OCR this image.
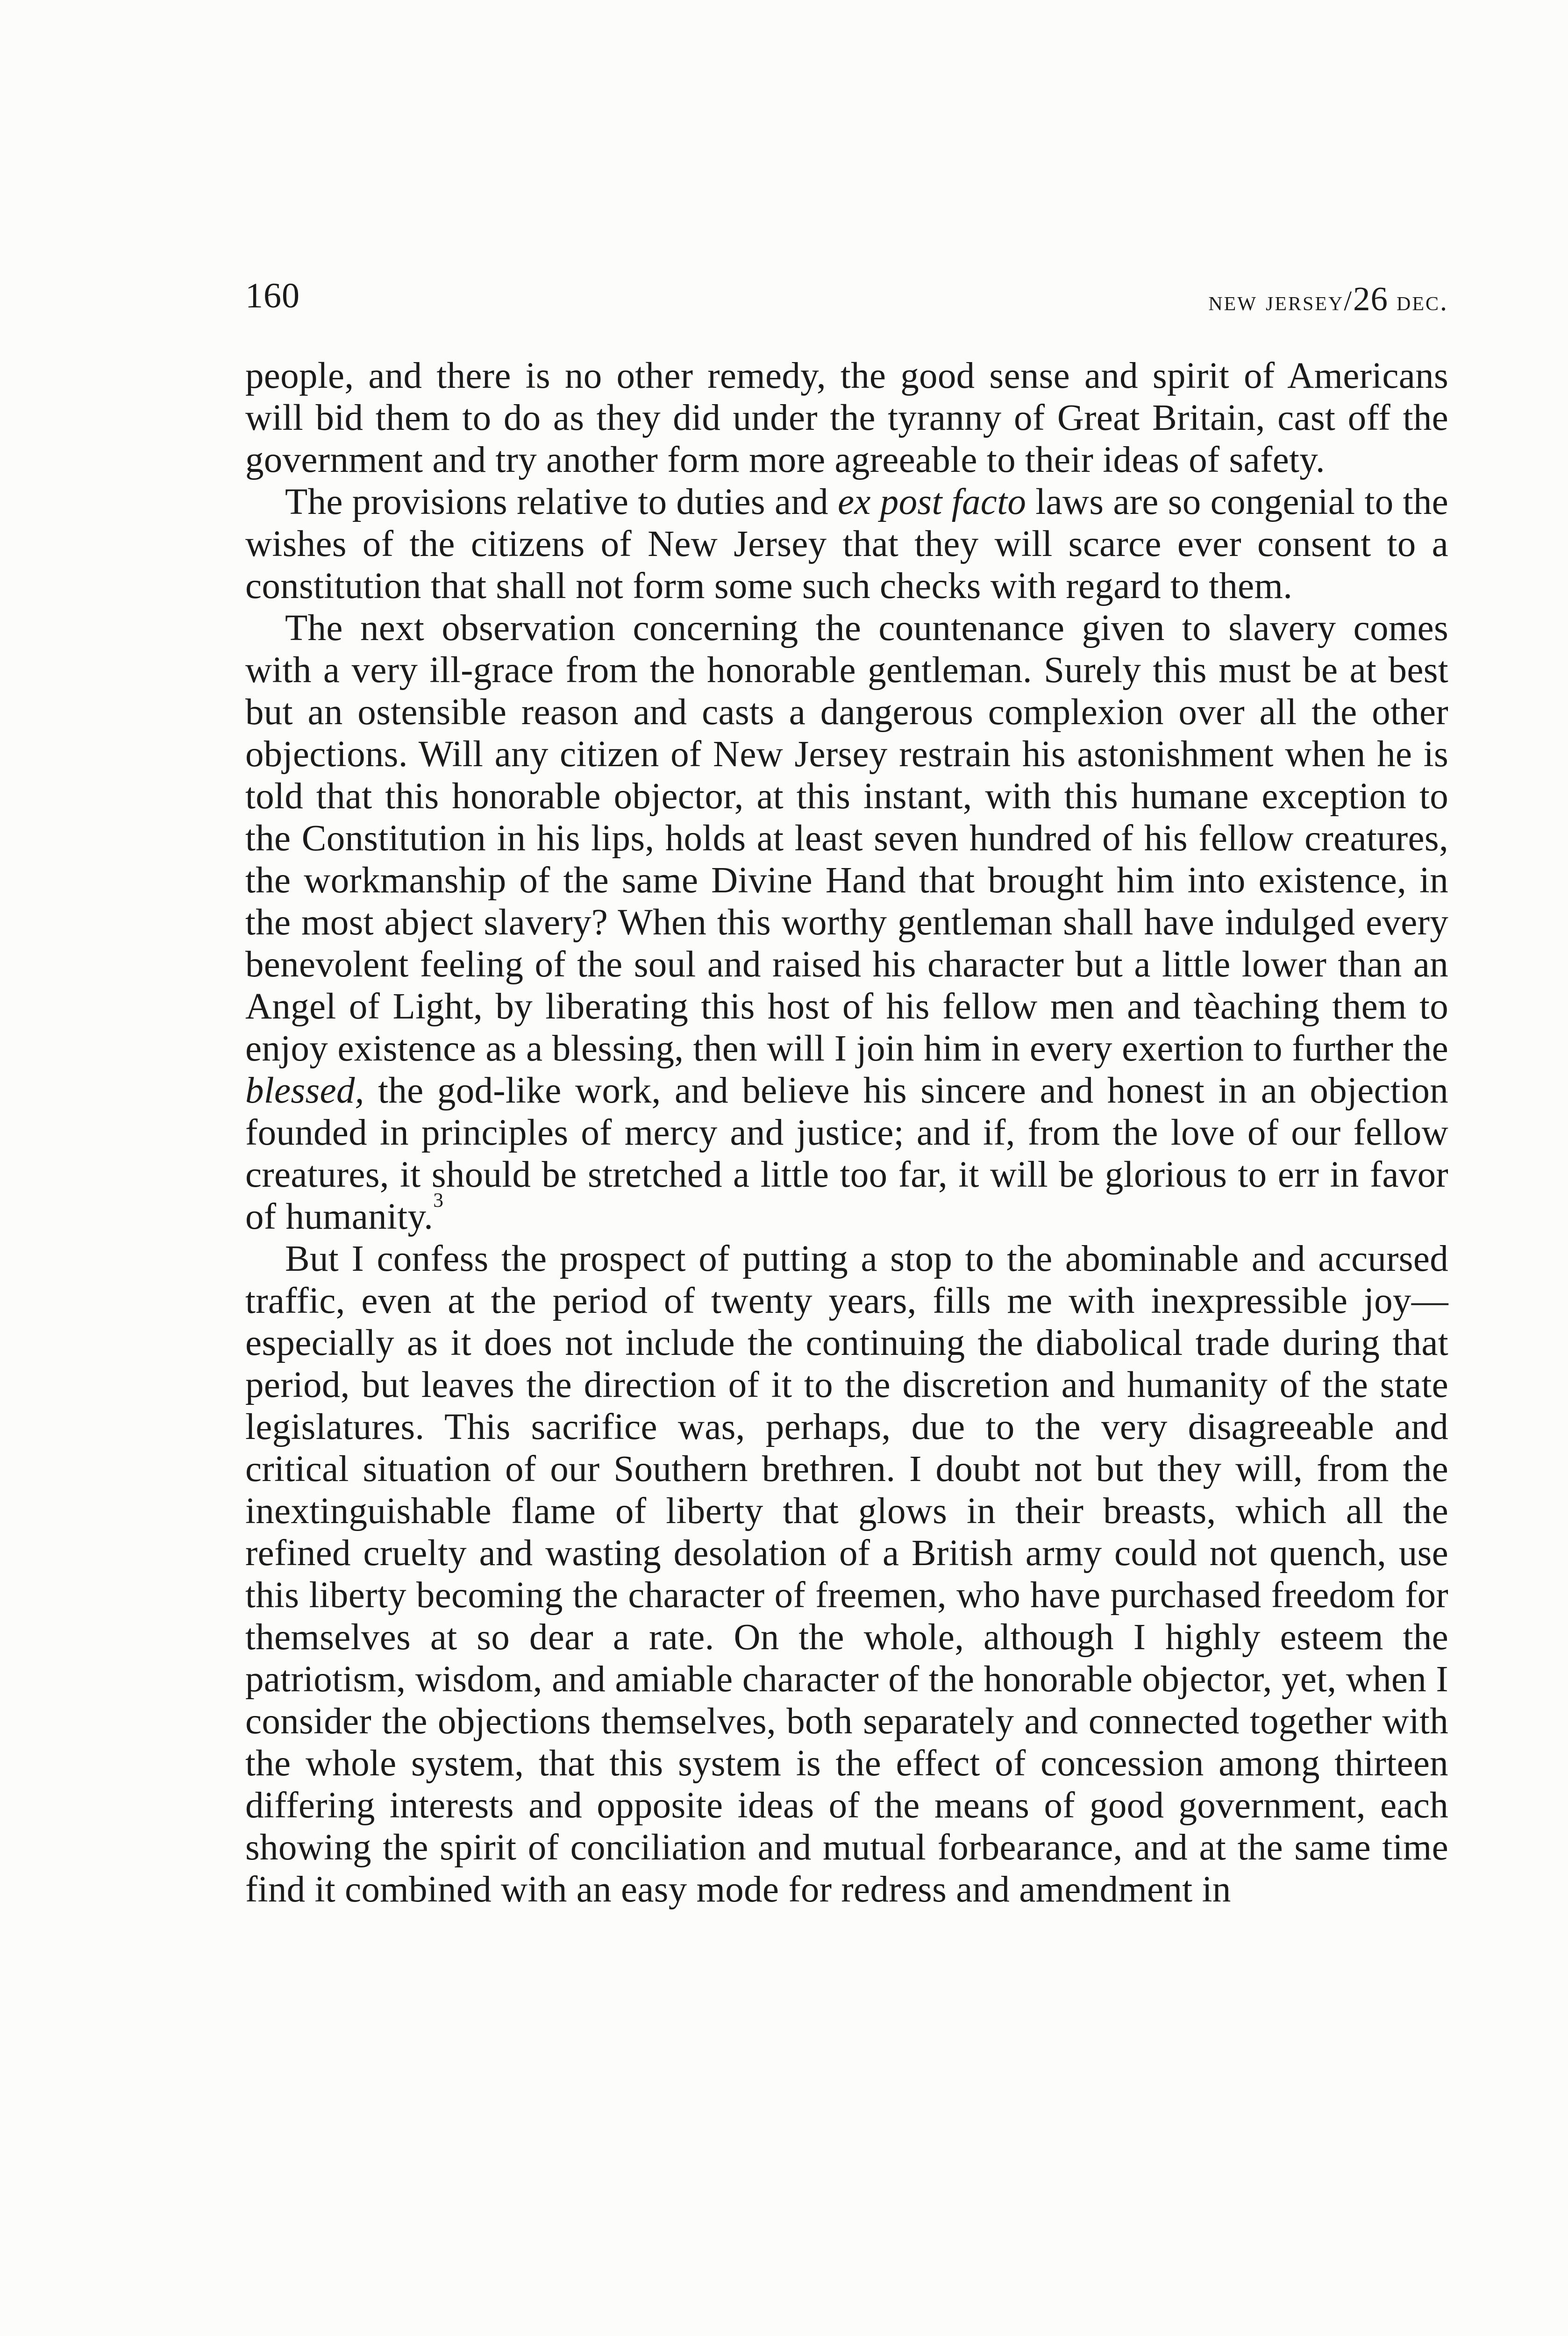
160	new jersey/26 dec.

people, and there is no other remedy, the good sense and spirit of Americans will bid them to do as they did under the tyranny of Great Britain, cast off the government and try another form more agreeable to their ideas of safety.

The provisions relative to duties and ex post facto laws are so congenial to the wishes of the citizens of New Jersey that they will scarce ever consent to a constitution that shall not form some such checks with regard to them.

The next observation concerning the countenance given to slavery comes with a very ill-grace from the honorable gentleman. Surely this must be at best but an ostensible reason and casts a dangerous complexion over all the other objections. Will any citizen of New Jersey restrain his astonishment when he is told that this honorable objector, at this instant, with this humane exception to the Constitution in his lips, holds at least seven hundred of his fellow creatures, the workmanship of the same Divine Hand that brought him into existence, in the most abject slavery? When this worthy gentleman shall have indulged every benevolent feeling of the soul and raised his character but a little lower than an Angel of Light, by liberating this host of his fellow men and tèaching them to enjoy existence as a blessing, then will I join him in every exertion to further the blessed, the god-like work, and believe his sincere and honest in an objection founded in principles of mercy and justice; and if, from the love of our fellow creatures, it should be stretched a little too far, it will be glorious to err in favor of humanity.$^3$

But I confess the prospect of putting a stop to the abominable and accursed traffic, even at the period of twenty years, fills me with inexpressible joy—especially as it does not include the continuing the diabolical trade during that period, but leaves the direction of it to the discretion and humanity of the state legislatures. This sacrifice was, perhaps, due to the very disagreeable and critical situation of our Southern brethren. I doubt not but they will, from the inextinguishable flame of liberty that glows in their breasts, which all the refined cruelty and wasting desolation of a British army could not quench, use this liberty becoming the character of freemen, who have purchased freedom for themselves at so dear a rate. On the whole, although I highly esteem the patriotism, wisdom, and amiable character of the honorable objector, yet, when I consider the objections themselves, both separately and connected together with the whole system, that this system is the effect of concession among thirteen differing interests and opposite ideas of the means of good government, each showing the spirit of conciliation and mutual forbearance, and at the same time find it combined with an easy mode for redress and amendment in
